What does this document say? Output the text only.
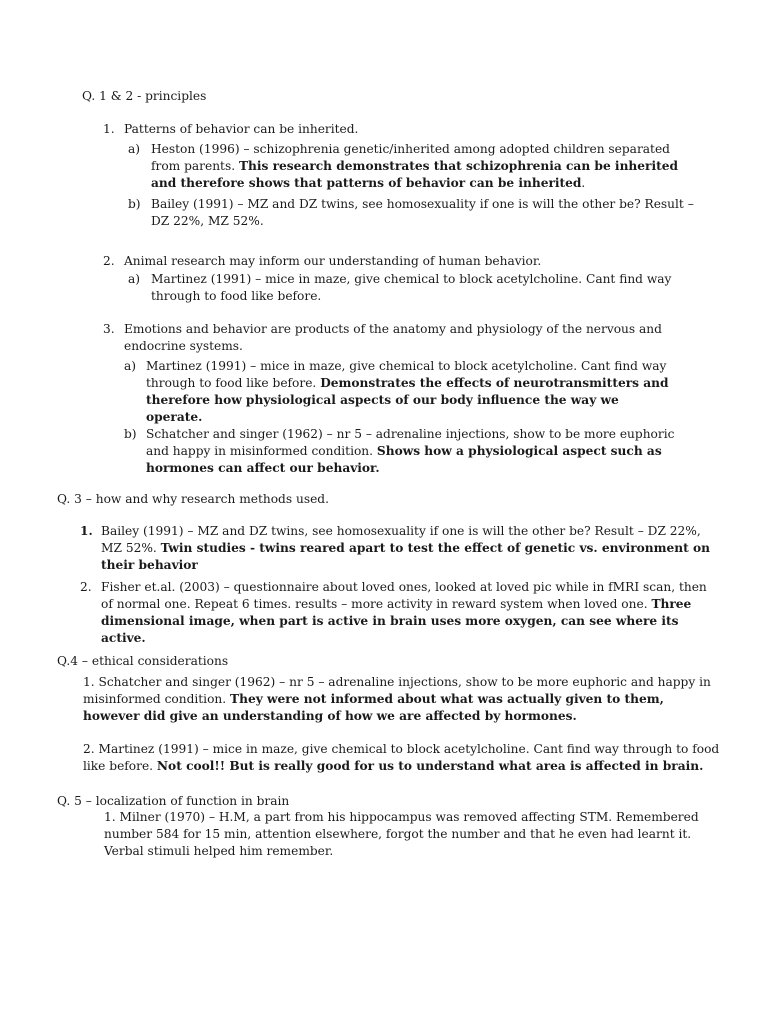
Q. 1 & 2 - principles
1. Patterns of behavior can be inherited.
a) Heston (1996) – schizophrenia genetic/inherited among adopted children separated from parents. This research demonstrates that schizophrenia can be inherited and therefore shows that patterns of behavior can be inherited.
b) Bailey (1991) – MZ and DZ twins, see homosexuality if one is will the other be? Result – DZ 22%, MZ 52%.
2. Animal research may inform our understanding of human behavior.
a) Martinez (1991) – mice in maze, give chemical to block acetylcholine. Cant find way through to food like before.
3. Emotions and behavior are products of the anatomy and physiology of the nervous and endocrine systems.
a) Martinez (1991) – mice in maze, give chemical to block acetylcholine. Cant find way through to food like before. Demonstrates the effects of neurotransmitters and therefore how physiological aspects of our body influence the way we operate.
b) Schatcher and singer (1962) – nr 5 – adrenaline injections, show to be more euphoric and happy in misinformed condition. Shows how a physiological aspect such as hormones can affect our behavior.
Q. 3 – how and why research methods used.
1. Bailey (1991) – MZ and DZ twins, see homosexuality if one is will the other be? Result – DZ 22%, MZ 52%. Twin studies - twins reared apart to test the effect of genetic vs. environment on their behavior
2. Fisher et.al. (2003) – questionnaire about loved ones, looked at loved pic while in fMRI scan, then of normal one. Repeat 6 times. results – more activity in reward system when loved one. Three dimensional image, when part is active in brain uses more oxygen, can see where its active.
Q.4 – ethical considerations
1. Schatcher and singer (1962) – nr 5 – adrenaline injections, show to be more euphoric and happy in misinformed condition. They were not informed about what was actually given to them, however did give an understanding of how we are affected by hormones.
2. Martinez (1991) – mice in maze, give chemical to block acetylcholine. Cant find way through to food like before. Not cool!! But is really good for us to understand what area is affected in brain.
Q. 5 – localization of function in brain
1. Milner (1970) – H.M, a part from his hippocampus was removed affecting STM. Remembered number 584 for 15 min, attention elsewhere, forgot the number and that he even had learnt it. Verbal stimuli helped him remember.
